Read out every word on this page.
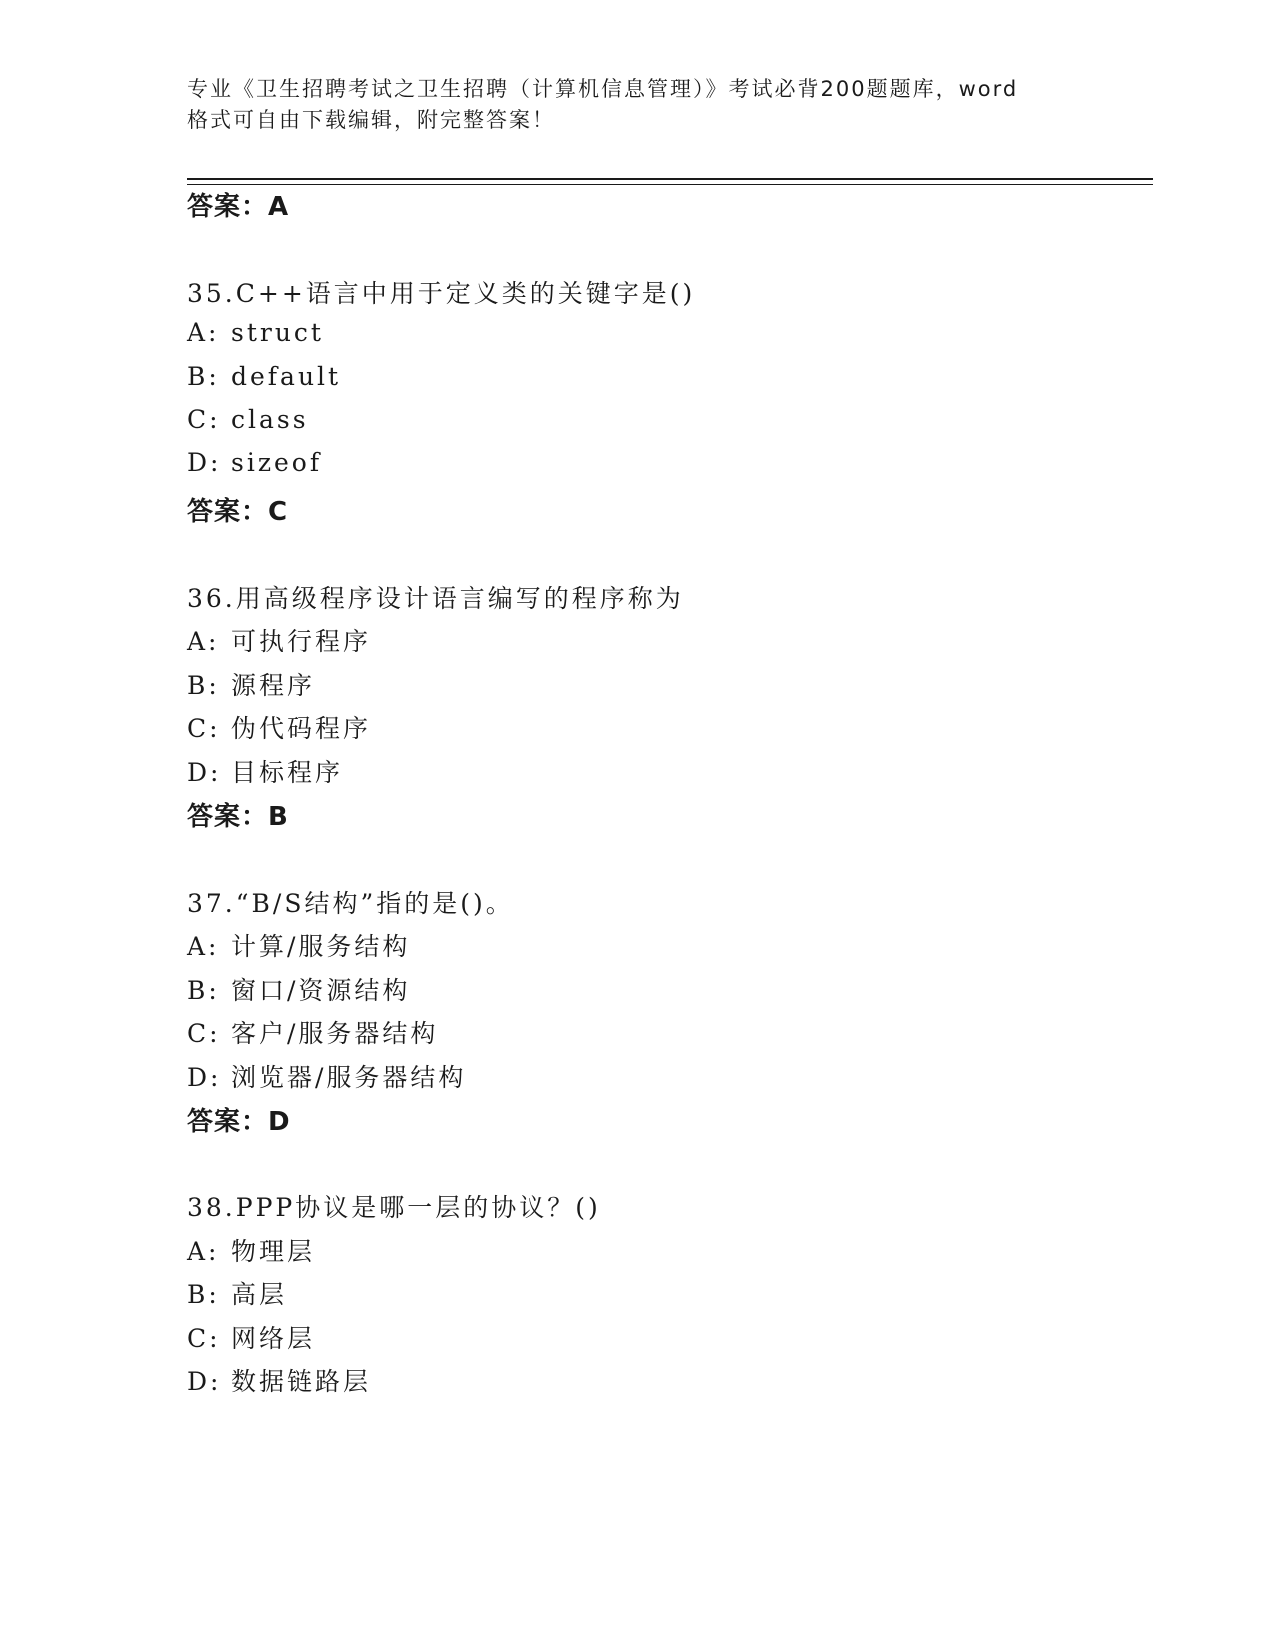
专业《卫生招聘考试之卫生招聘（计算机信息管理）》考试必背200题题库，word
格式可自由下载编辑，附完整答案！
答案：A
35.C++语言中用于定义类的关键字是()
A: struct
B: default
C: class
D: sizeof
答案：C
36.用高级程序设计语言编写的程序称为
A: 可执行程序
B: 源程序
C: 伪代码程序
D: 目标程序
答案：B
37.“B/S结构”指的是()。
A: 计算/服务结构
B: 窗口/资源结构
C: 客户/服务器结构
D: 浏览器/服务器结构
答案：D
38.PPP协议是哪一层的协议？()
A: 物理层
B: 高层
C: 网络层
D: 数据链路层
